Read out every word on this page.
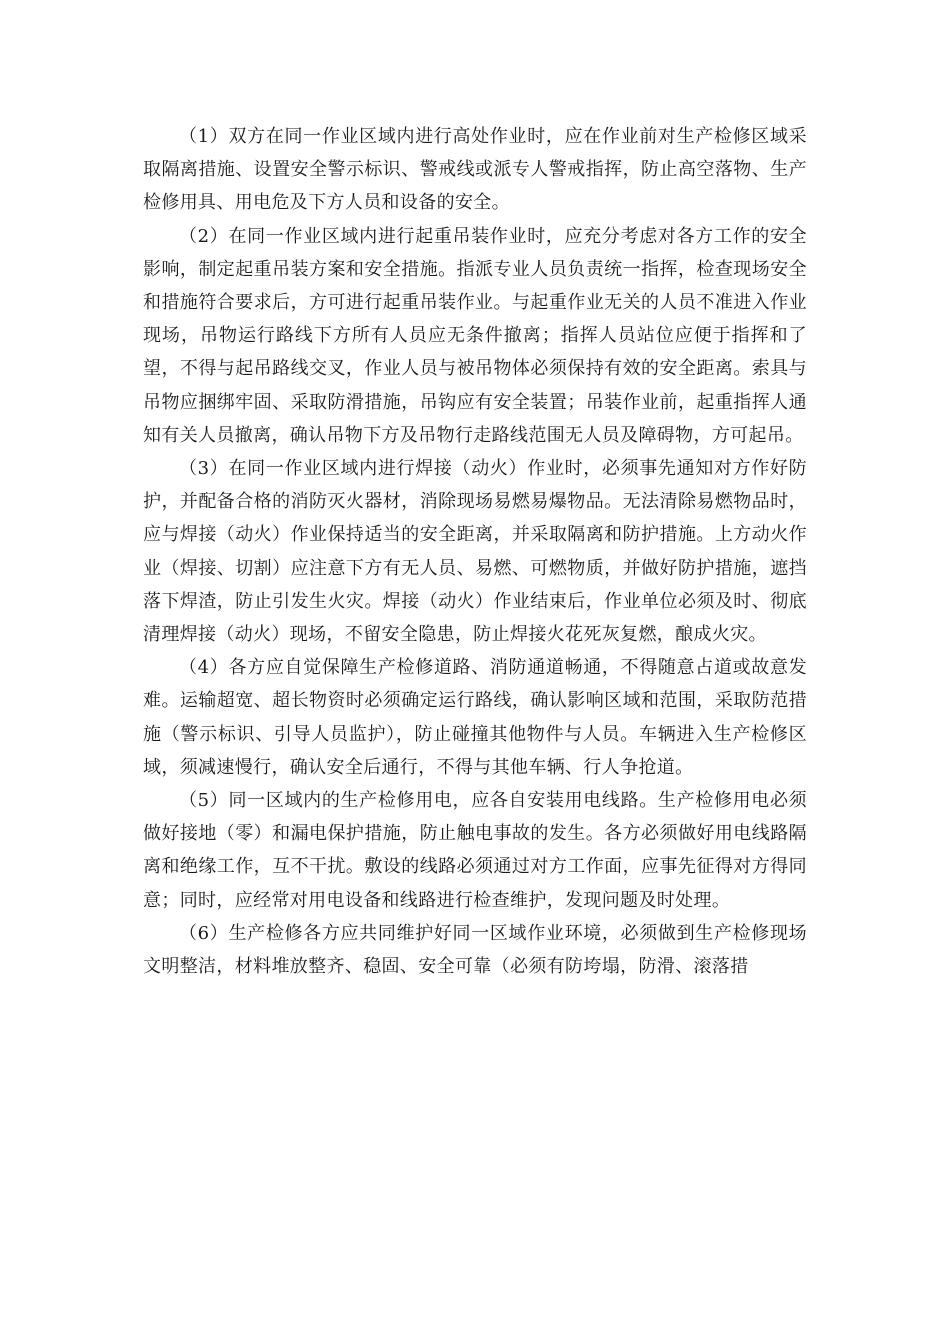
（1）双方在同一作业区域内进行高处作业时，应在作业前对生产检修区域采取隔离措施、设置安全警示标识、警戒线或派专人警戒指挥，防止高空落物、生产检修用具、用电危及下方人员和设备的安全。

（2）在同一作业区域内进行起重吊装作业时，应充分考虑对各方工作的安全影响，制定起重吊装方案和安全措施。指派专业人员负责统一指挥，检查现场安全和措施符合要求后，方可进行起重吊装作业。与起重作业无关的人员不准进入作业现场，吊物运行路线下方所有人员应无条件撤离；指挥人员站位应便于指挥和了望，不得与起吊路线交叉，作业人员与被吊物体必须保持有效的安全距离。索具与吊物应捆绑牢固、采取防滑措施，吊钩应有安全装置；吊装作业前，起重指挥人通知有关人员撤离，确认吊物下方及吊物行走路线范围无人员及障碍物，方可起吊。

（3）在同一作业区域内进行焊接（动火）作业时，必须事先通知对方作好防护，并配备合格的消防灭火器材，消除现场易燃易爆物品。无法清除易燃物品时，应与焊接（动火）作业保持适当的安全距离，并采取隔离和防护措施。上方动火作业（焊接、切割）应注意下方有无人员、易燃、可燃物质，并做好防护措施，遮挡落下焊渣，防止引发生火灾。焊接（动火）作业结束后，作业单位必须及时、彻底清理焊接（动火）现场，不留安全隐患，防止焊接火花死灰复燃，酿成火灾。

（4）各方应自觉保障生产检修道路、消防通道畅通，不得随意占道或故意发难。运输超宽、超长物资时必须确定运行路线，确认影响区域和范围，采取防范措施（警示标识、引导人员监护），防止碰撞其他物件与人员。车辆进入生产检修区域，须减速慢行，确认安全后通行，不得与其他车辆、行人争抢道。

（5）同一区域内的生产检修用电，应各自安装用电线路。生产检修用电必须做好接地（零）和漏电保护措施，防止触电事故的发生。各方必须做好用电线路隔离和绝缘工作，互不干扰。敷设的线路必须通过对方工作面，应事先征得对方得同意；同时，应经常对用电设备和线路进行检查维护，发现问题及时处理。

（6）生产检修各方应共同维护好同一区域作业环境，必须做到生产检修现场文明整洁，材料堆放整齐、稳固、安全可靠（必须有防垮塌，防滑、滚落措
